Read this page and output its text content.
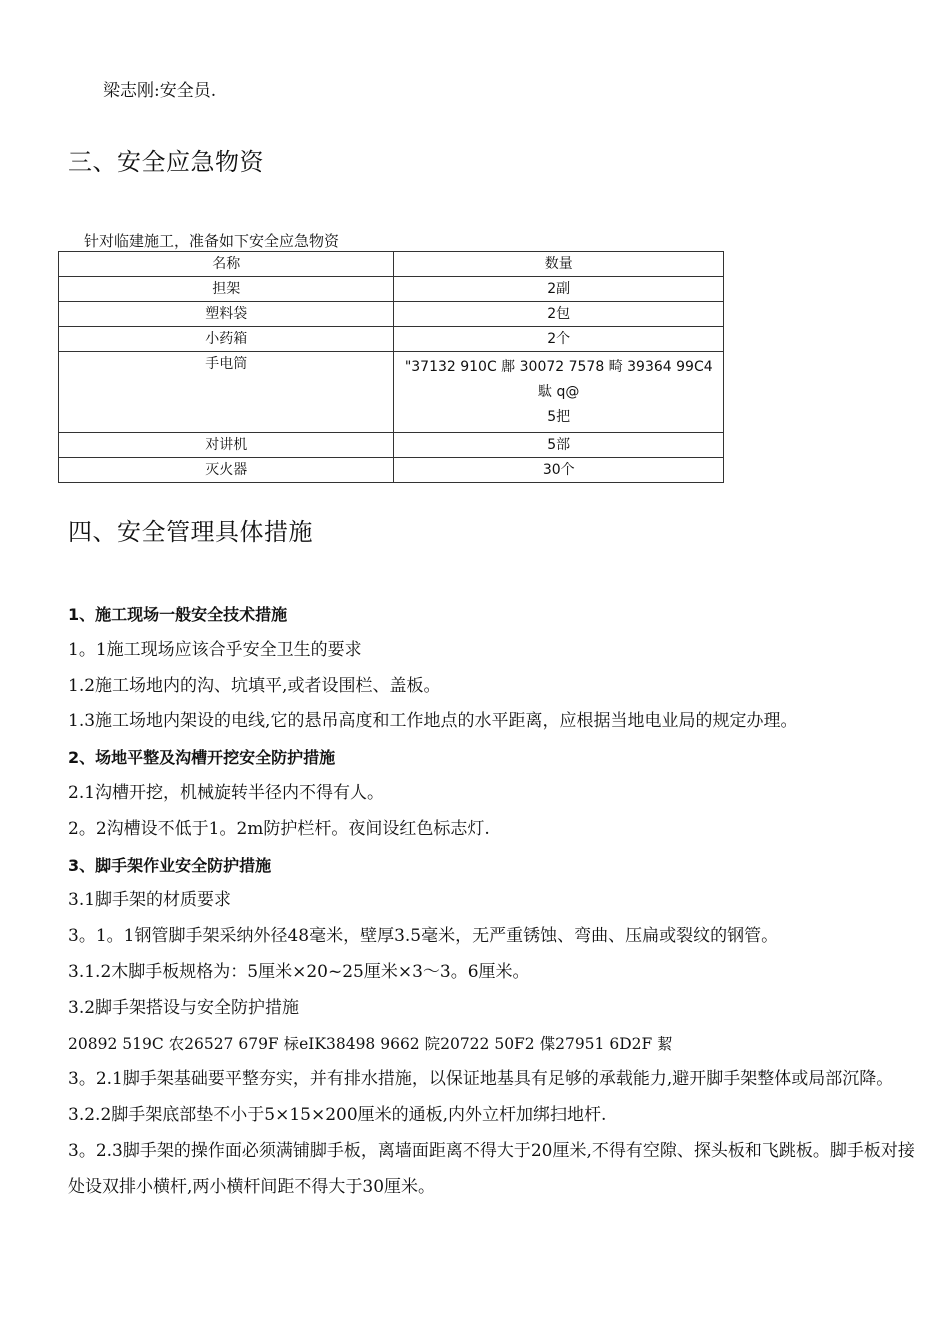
梁志刚:安全员.
三、安全应急物资
针对临建施工，准备如下安全应急物资
名称	数量
担架	2副

塑料袋	2包

小药箱	2个

手电筒	"37132 910C 鄌 30072 7578 畸 39364 99C4
駄 q@
5把

对讲机	5部

灭火器	30个
四、安全管理具体措施

1、施工现场一般安全技术措施

1。1施工现场应该合乎安全卫生的要求

1.2施工场地内的沟、坑填平,或者设围栏、盖板。

1.3施工场地内架设的电线,它的悬吊高度和工作地点的水平距离，应根据当地电业局的规定办理。

2、场地平整及沟槽开挖安全防护措施

2.1沟槽开挖，机械旋转半径内不得有人。

2。2沟槽设不低于1。2m防护栏杆。夜间设红色标志灯.

3、脚手架作业安全防护措施

3.1脚手架的材质要求

3。1。1钢管脚手架采纳外径48毫米，壁厚3.5毫米，无严重锈蚀、弯曲、压扁或裂纹的钢管。

3.1.2木脚手板规格为：5厘米×20~25厘米×3～3。6厘米。

3.2脚手架搭设与安全防护措施

20892 519C 农26527 679F 柡eIK38498 9662 院20722 50F2 偞27951 6D2F 絜

3。2.1脚手架基础要平整夯实，并有排水措施，以保证地基具有足够的承载能力,避开脚手架整体或局部沉降。

3.2.2脚手架底部垫不小于5×15×200厘米的通板,内外立杆加绑扫地杆.

3。2.3脚手架的操作面必须满铺脚手板，离墙面距离不得大于20厘米,不得有空隙、探头板和飞跳板。脚手板对接处设双排小横杆,两小横杆间距不得大于30厘米。
